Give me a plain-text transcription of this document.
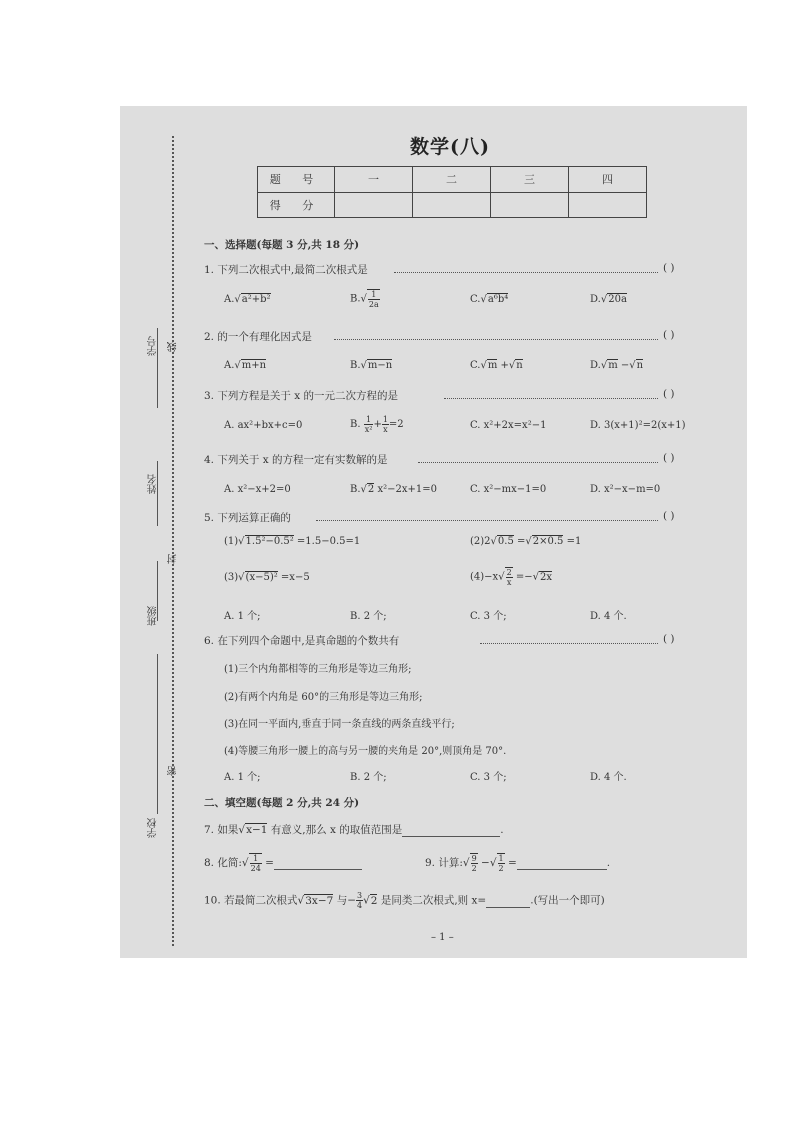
学号
姓名
班级
学校
线
封
密
数学(八)
题 号	一	二	三	四
得 分				
一、选择题(每题 3 分,共 18 分)
1. 下列二次根式中,最简二次根式是	( )
A.√a²+b²	$B.√ \frac{1}{2a}$	C.√a⁶b⁴	D.√20a
2. 的一个有理化因式是	( )
A.√m+n	B.√m−n	C.√m +√n	D.√m −√n
3. 下列方程是关于 x 的一元二次方程的是	( )
A. ax²+bx+c=0	B. $\frac{1}{\text{x²}} + \frac{1}{x} =2$	C. x²+2x=x²−1	D. 3(x+1)²=2(x+1)
4. 下列关于 x 的方程一定有实数解的是	( )
A. x²−x+2=0	B.√2 x²−2x+1=0	C. x²−mx−1=0	D. x²−x−m=0
5. 下列运算正确的	( )
(1)√1.5²−0.5² =1.5−0.5=1	(2)2√0.5 =√2×0.5 =1
(3)√(x−5)² =x−5	$(4)-x√ \frac{2}{x} =-√2x$
A. 1 个;	B. 2 个;	C. 3 个;	D. 4 个.
6. 在下列四个命题中,是真命题的个数共有	( )
(1)三个内角都相等的三角形是等边三角形;
(2)有两个内角是 60°的三角形是等边三角形;
(3)在同一平面内,垂直于同一条直线的两条直线平行;
(4)等腰三角形一腰上的高与另一腰的夹角是 20°,则顶角是 70°.
A. 1 个;	B. 2 个;	C. 3 个;	D. 4 个.
二、填空题(每题 2 分,共 24 分)
7. 如果√x−1 有意义,那么 x 的取值范围是	.
8. 化简:√ $\frac{1}{24}$ =	9. 计算:√ $\frac{9}{2}$ −√ $\frac{1}{2}$ =	.
10. 若最简二次根式√3x−7 与− $\frac{3}{4} √2$ 是同类二次根式,则 x=	.(写出一个即可)
– 1 –
